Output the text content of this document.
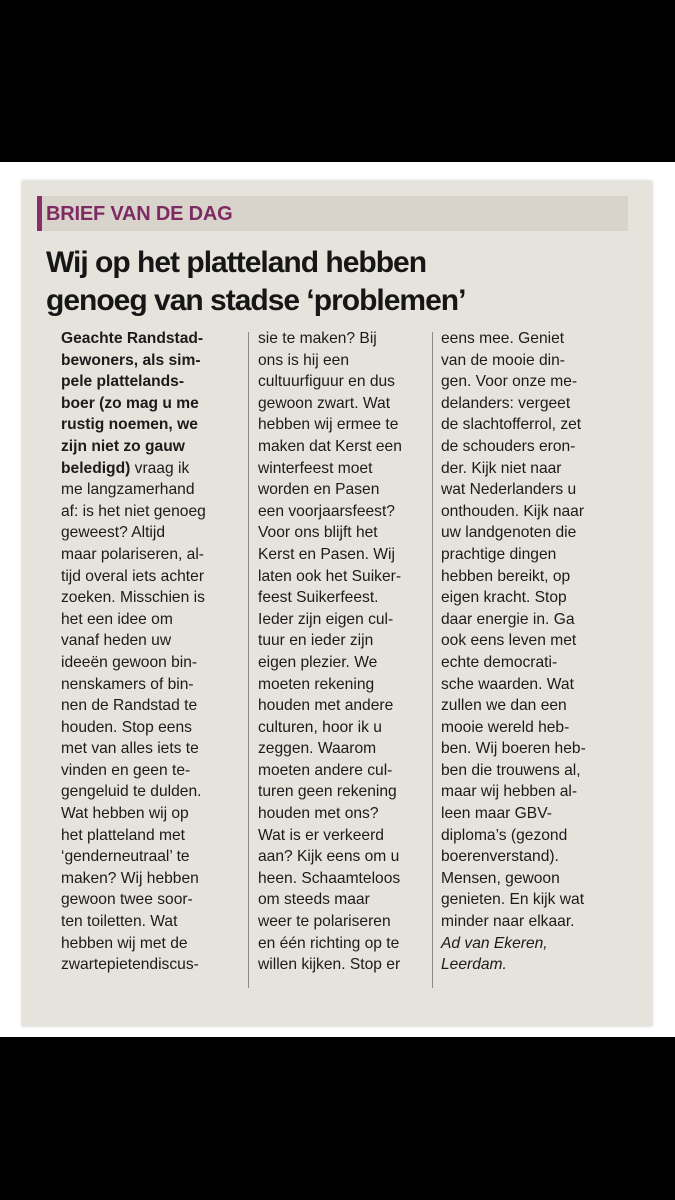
BRIEF VAN DE DAG
Wij op het platteland hebben
genoeg van stadse ‘problemen’
Geachte Randstad-
bewoners, als sim-
pele plattelands-
boer (zo mag u me
rustig noemen, we
zijn niet zo gauw
beledigd) vraag ik
me langzamerhand
af: is het niet genoeg
geweest? Altijd
maar polariseren, al-
tijd overal iets achter
zoeken. Misschien is
het een idee om
vanaf heden uw
ideeën gewoon bin-
nenskamers of bin-
nen de Randstad te
houden. Stop eens
met van alles iets te
vinden en geen te-
gengeluid te dulden.
Wat hebben wij op
het platteland met
‘genderneutraal’ te
maken? Wij hebben
gewoon twee soor-
ten toiletten. Wat
hebben wij met de
zwartepietendiscus-
sie te maken? Bij
ons is hij een
cultuurfiguur en dus
gewoon zwart. Wat
hebben wij ermee te
maken dat Kerst een
winterfeest moet
worden en Pasen
een voorjaarsfeest?
Voor ons blijft het
Kerst en Pasen. Wij
laten ook het Suiker-
feest Suikerfeest.
Ieder zijn eigen cul-
tuur en ieder zijn
eigen plezier. We
moeten rekening
houden met andere
culturen, hoor ik u
zeggen. Waarom
moeten andere cul-
turen geen rekening
houden met ons?
Wat is er verkeerd
aan? Kijk eens om u
heen. Schaamteloos
om steeds maar
weer te polariseren
en één richting op te
willen kijken. Stop er
eens mee. Geniet
van de mooie din-
gen. Voor onze me-
delanders: vergeet
de slachtofferrol, zet
de schouders eron-
der. Kijk niet naar
wat Nederlanders u
onthouden. Kijk naar
uw landgenoten die
prachtige dingen
hebben bereikt, op
eigen kracht. Stop
daar energie in. Ga
ook eens leven met
echte democrati-
sche waarden. Wat
zullen we dan een
mooie wereld heb-
ben. Wij boeren heb-
ben die trouwens al,
maar wij hebben al-
leen maar GBV-
diploma’s (gezond
boerenverstand).
Mensen, gewoon
genieten. En kijk wat
minder naar elkaar.
Ad van Ekeren,
Leerdam.
